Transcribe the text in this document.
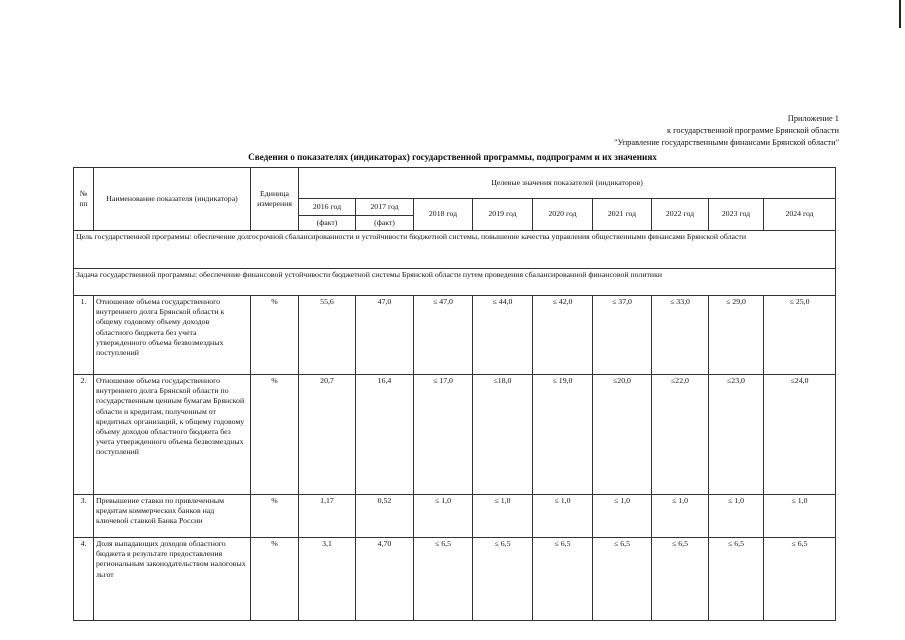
Приложение 1
к государственной программе Брянской области
"Управление государственными финансами Брянской области"
Сведения о показателях (индикаторах) государственной программы, подпрограмм и их значениях
№ пп	Наименование показателя (индикатора)	Единица измерения	Целевые значения показателей (индикаторов)								
			2016 год	2017 год	2018 год	2019 год	2020 год	2021 год	2022 год	2023 год	2024 год

			(факт)	(факт)							
Цель государственной программы: обеспечение долгосрочной сбалансированности и устойчивости бюджетной системы, повышение качества управления общественными финансами Брянской области											
Задача государственной программы: обеспечение финансовой устойчивости бюджетной системы Брянской области путем проведения сбалансированной финансовой политики											
1.	Отношение объема государственного внутреннего долга Брянской области к общему годовому объему доходов областного бюджета без учета утвержденного объема безвозмездных поступлений	%	55,6	47,0	≤ 47,0	≤ 44,0	≤ 42,0	≤ 37,0	≤ 33,0	≤ 29,0	≤ 25,0
2.	Отношение объема государственного внутреннего долга Брянской области по государственным ценным бумагам Брянской области и кредитам, полученным от кредитных организаций, к общему годовому объему доходов областного бюджета без учета утвержденного объема безвозмездных поступлений	%	20,7	16,4	≤ 17,0	≤18,0	≤ 19,0	≤20,0	≤22,0	≤23,0	≤24,0
3.	Превышение ставки по привлеченным кредитам коммерческих банков над ключевой ставкой Банка России	%	1,17	0,52	≤ 1,0	≤ 1,0	≤ 1,0	≤ 1,0	≤ 1,0	≤ 1,0	≤ 1,0
4.	Доля выпадающих доходов областного бюджета в результате предоставления региональным законодательством налоговых льгот	%	3,1	4,70	≤ 6,5	≤ 6,5	≤ 6,5	≤ 6,5	≤ 6,5	≤ 6,5	≤ 6,5
